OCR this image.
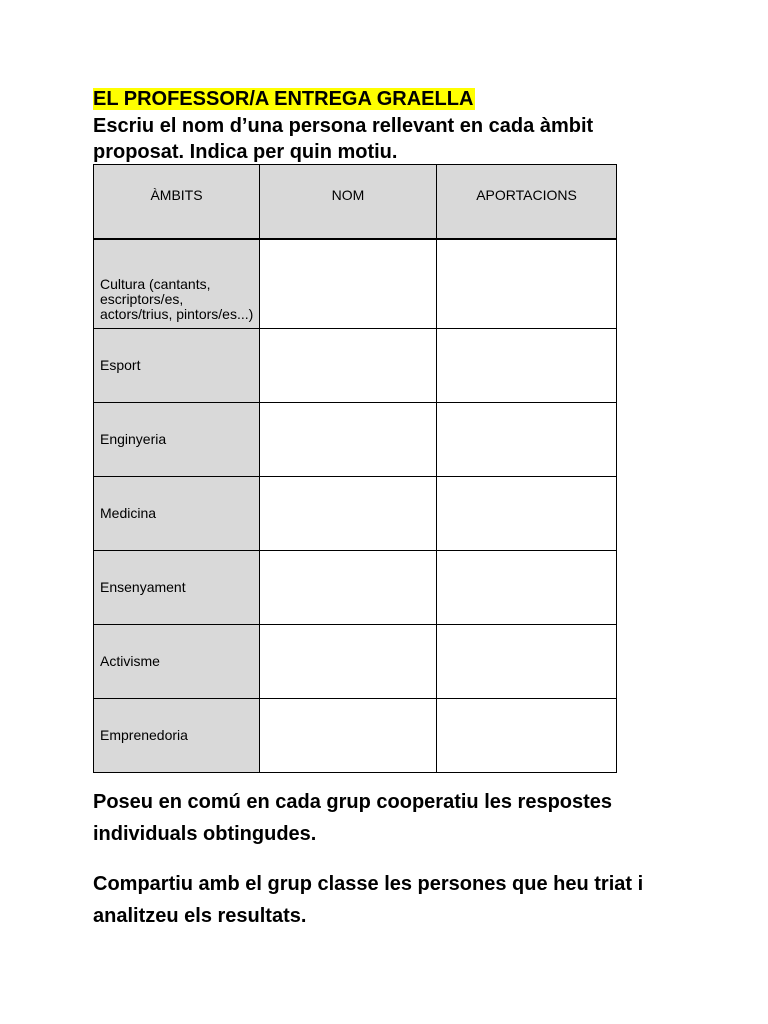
EL PROFESSOR/A ENTREGA GRAELLA

Escriu el nom d’una persona rellevant en cada àmbit proposat. Indica per quin motiu.

ÀMBITS	NOM	APORTACIONS
Cultura (cantants, escriptors/es, actors/trius, pintors/es...)		
Esport		
Enginyeria		
Medicina		
Ensenyament		
Activisme		
Emprenedoria		

Poseu en comú en cada grup cooperatiu les respostes individuals obtingudes.

Compartiu amb el grup classe les persones que heu triat i analitzeu els resultats.
